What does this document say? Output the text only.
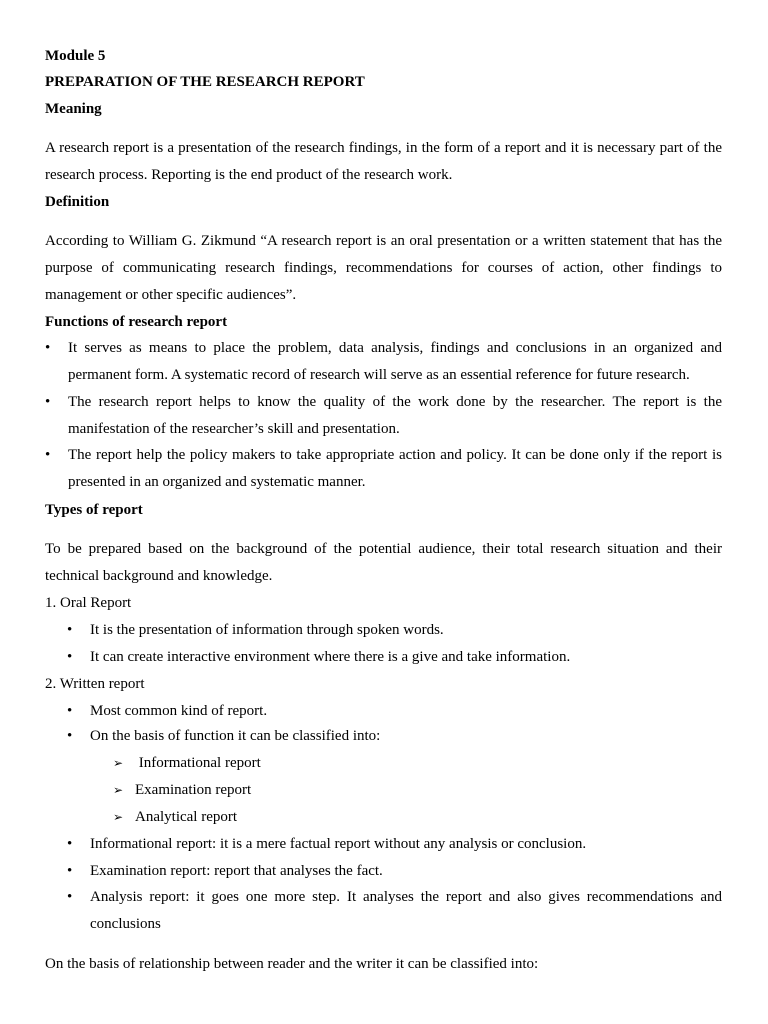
Module 5
PREPARATION OF THE RESEARCH REPORT
Meaning
A research report is a presentation of the research findings, in the form of a report and it is necessary part of the research process. Reporting is the end product of the research work.
Definition
According to William G. Zikmund “A research report is an oral presentation or a written statement that has the purpose of communicating research findings, recommendations for courses of action, other findings to management or other specific audiences”.
Functions of research report
• It serves as means to place the problem, data analysis, findings and conclusions in an organized and permanent form. A systematic record of research will serve as an essential reference for future research.
• The research report helps to know the quality of the work done by the researcher. The report is the manifestation of the researcher’s skill and presentation.
• The report help the policy makers to take appropriate action and policy. It can be done only if the report is presented in an organized and systematic manner.
Types of report
To be prepared based on the background of the potential audience, their total research situation and their technical background and knowledge.
1. Oral Report
• It is the presentation of information through spoken words.
• It can create interactive environment where there is a give and take information.
2. Written report
• Most common kind of report.
• On the basis of function it can be classified into:
➢ Informational report
➢ Examination report
➢ Analytical report
• Informational report: it is a mere factual report without any analysis or conclusion.
• Examination report: report that analyses the fact.
• Analysis report: it goes one more step. It analyses the report and also gives recommendations and conclusions
On the basis of relationship between reader and the writer it can be classified into:
